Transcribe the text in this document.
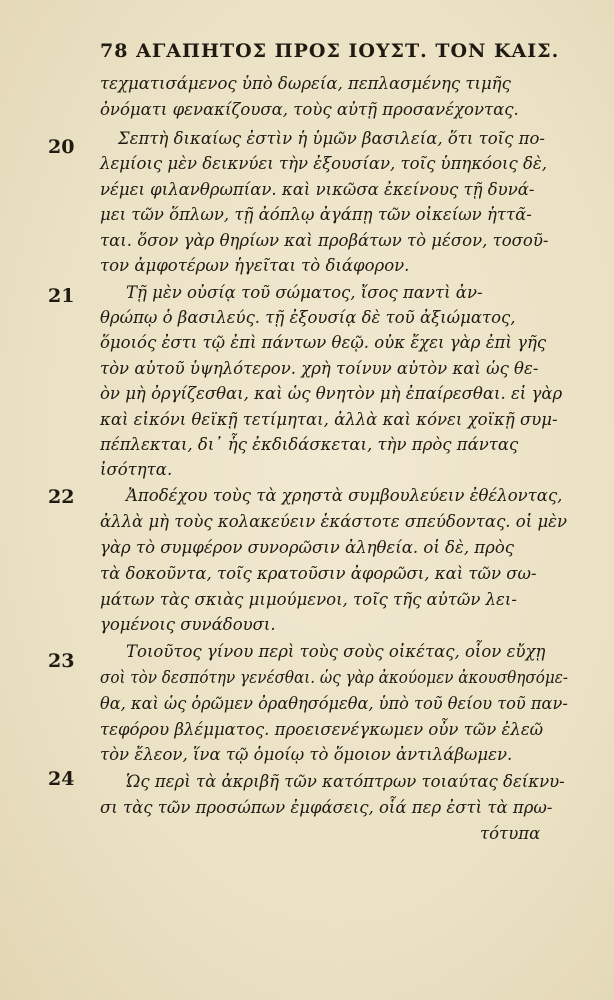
78 ΑΓΑΠΗΤΟΣ ΠΡΟΣ ΙΟΥΣΤ. ΤΟΝ ΚΑΙΣ.
20
21
22
23
24
τεχματισάμενος ὑπὸ δωρεία, πεπλασμένης τιμῆς
ὀνόματι φενακίζουσα, τοὺς αὐτῇ προσανέχοντας.
Σεπτὴ δικαίως ἐστὶν ἡ ὑμῶν βασιλεία, ὅτι τοῖς πο-
λεμίοις μὲν δεικνύει τὴν ἐξουσίαν, τοῖς ὑπηκόοις δὲ,
νέμει φιλανθρωπίαν. καὶ νικῶσα ἐκείνους τῇ δυνά-
μει τῶν ὅπλων, τῇ ἀόπλῳ ἀγάπῃ τῶν οἰκείων ἡττᾶ-
ται. ὅσον γὰρ θηρίων καὶ προβάτων τὸ μέσον, τοσοῦ-
τον ἀμφοτέρων ἡγεῖται τὸ διάφορον.
Τῇ μὲν οὐσίᾳ τοῦ σώματος, ἴσος παντὶ ἀν-
θρώπῳ ὁ βασιλεύς. τῇ ἐξουσίᾳ δὲ τοῦ ἀξιώματος,
ὅμοιός ἐστι τῷ ἐπὶ πάντων θεῷ. οὐκ ἔχει γὰρ ἐπὶ γῆς
τὸν αὐτοῦ ὑψηλότερον. χρὴ τοίνυν αὐτὸν καὶ ὡς θε-
ὸν μὴ ὀργίζεσθαι, καὶ ὡς θνητὸν μὴ ἐπαίρεσθαι. εἰ γὰρ
καὶ εἰκόνι θεϊκῇ τετίμηται, ἀλλὰ καὶ κόνει χοϊκῇ συμ-
πέπλεκται, δι᾽ ἧς ἐκδιδάσκεται, τὴν πρὸς πάντας
ἰσότητα.
Ἀποδέχου τοὺς τὰ χρηστὰ συμβουλεύειν ἐθέλοντας,
ἀλλὰ μὴ τοὺς κολακεύειν ἑκάστοτε σπεύδοντας. οἱ μὲν
γὰρ τὸ συμφέρον συνορῶσιν ἀληθεία. οἱ δὲ, πρὸς
τὰ δοκοῦντα, τοῖς κρατοῦσιν ἀφορῶσι, καὶ τῶν σω-
μάτων τὰς σκιὰς μιμούμενοι, τοῖς τῆς αὐτῶν λει-
γομένοις συνάδουσι.
Τοιοῦτος γίνου περὶ τοὺς σοὺς οἰκέτας, οἷον εὔχῃ
σοὶ τὸν δεσπότην γενέσθαι. ὡς γὰρ ἀκούομεν ἀκουσθησόμε-
θα, καὶ ὡς ὁρῶμεν ὀραθησόμεθα, ὑπὸ τοῦ θείου τοῦ παν-
τεφόρου βλέμματος. προεισενέγκωμεν οὖν τῶν ἐλεῶ
τὸν ἔλεον, ἵνα τῷ ὁμοίῳ τὸ ὅμοιον ἀντιλάβωμεν.
Ὡς περὶ τὰ ἀκριβῆ τῶν κατόπτρων τοιαύτας δείκνυ-
σι τὰς τῶν προσώπων ἐμφάσεις, οἷά περ ἐστὶ τὰ πρω-
τότυπα
